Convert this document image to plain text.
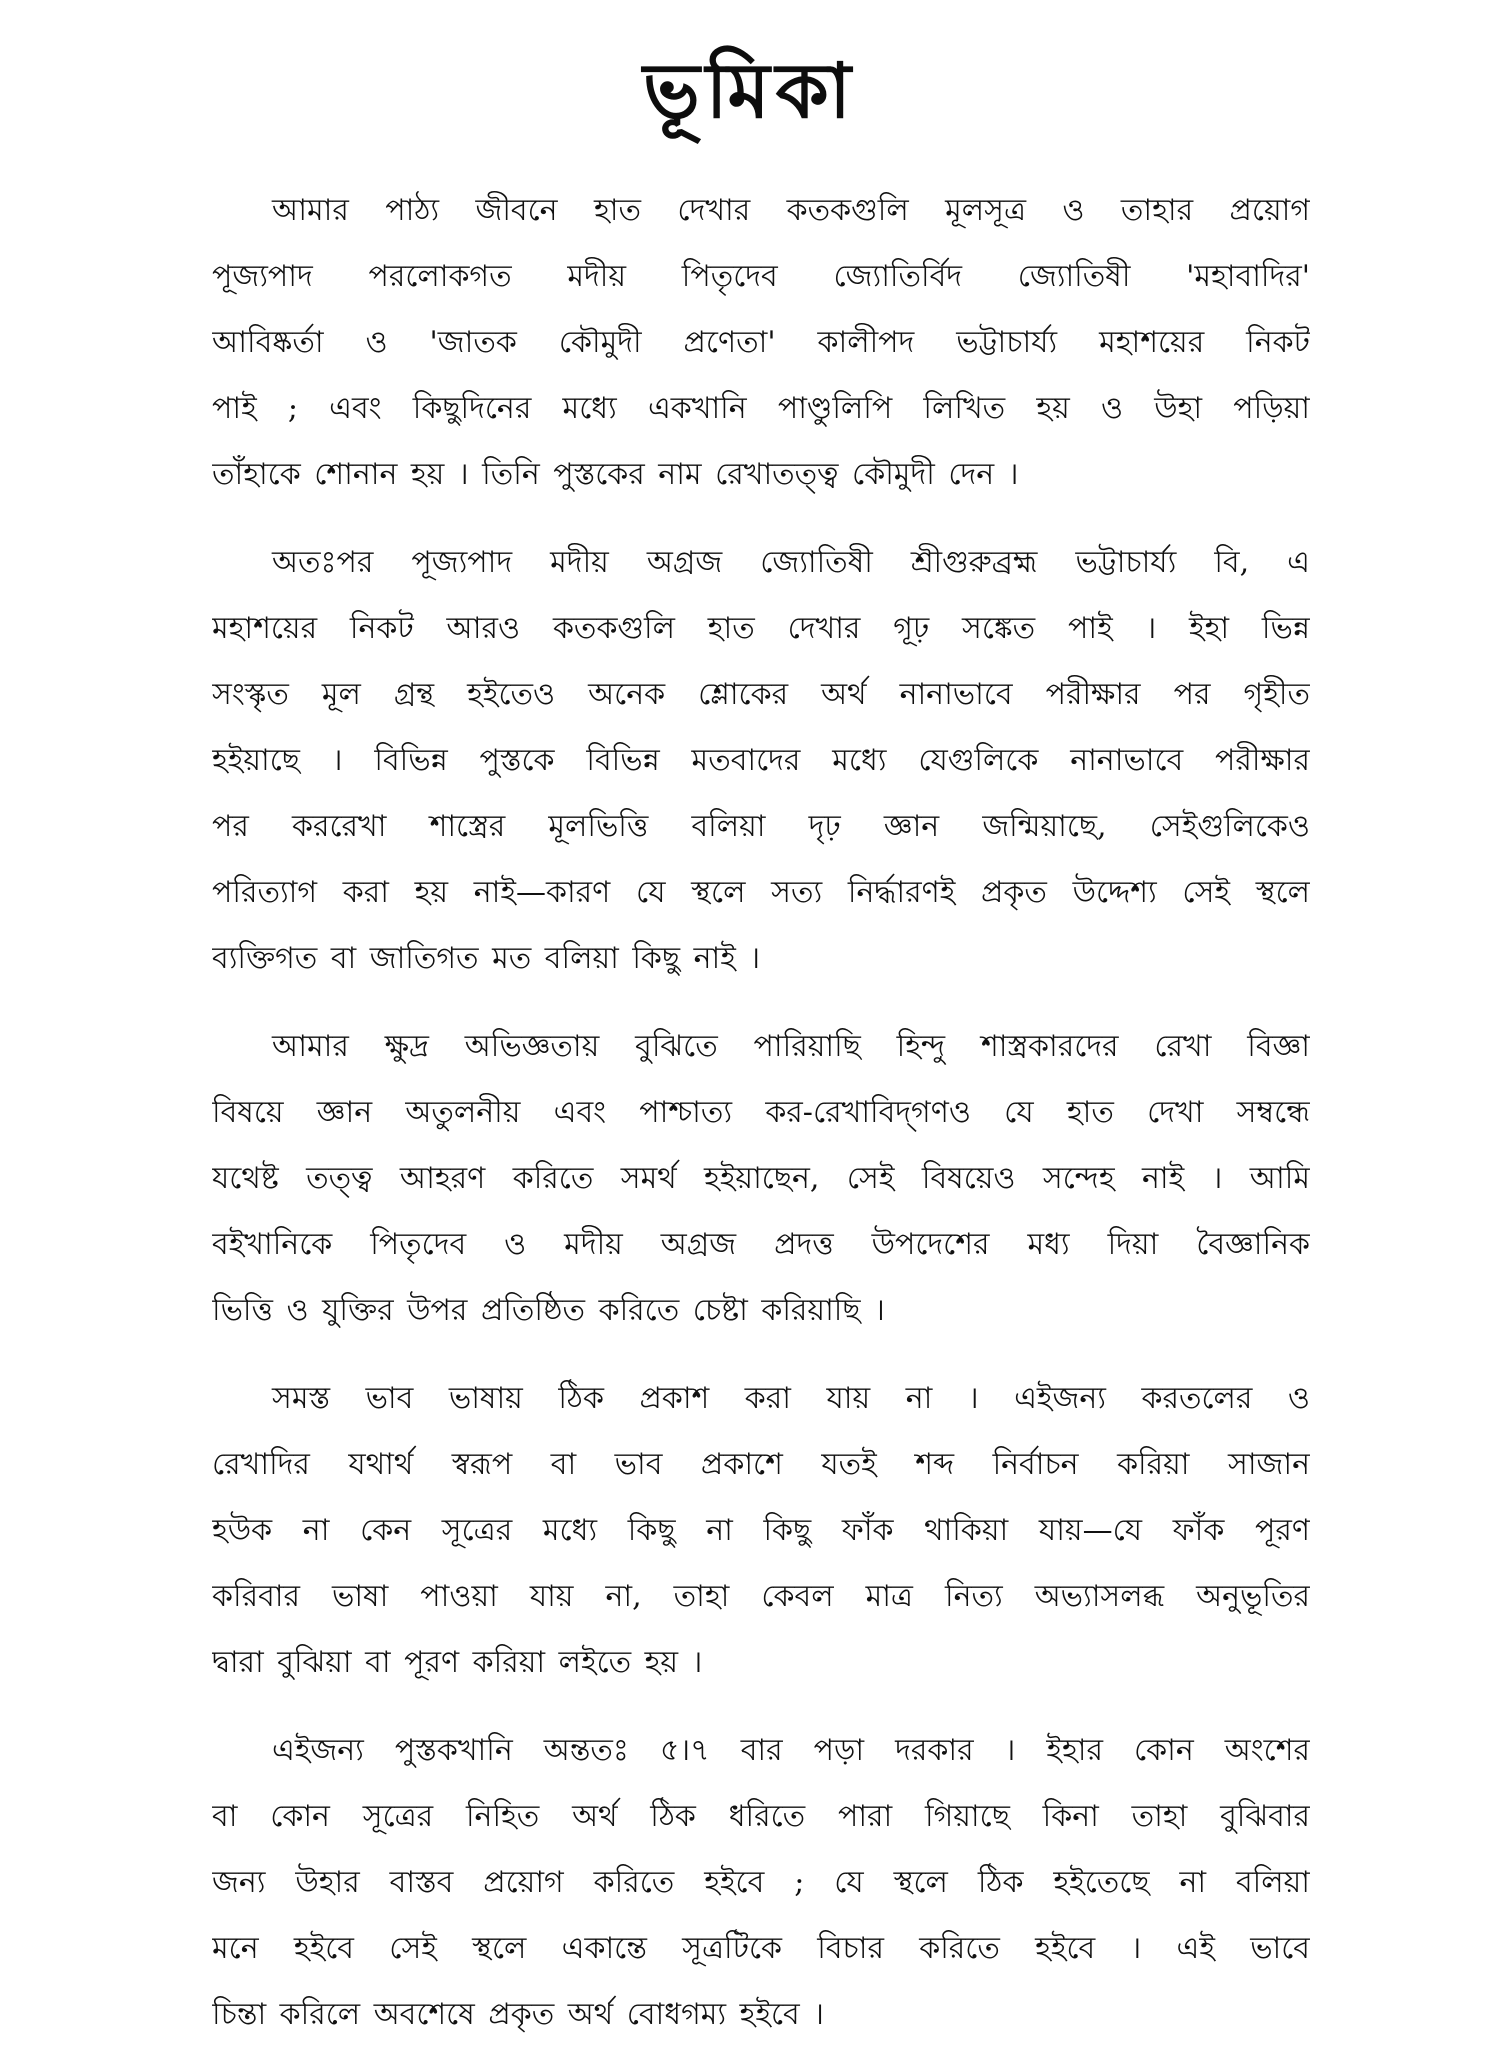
ভূমিকা
আমার পাঠ্য জীবনে হাত দেখার কতকগুলি মূলসূত্র ও তাহার প্রয়োগ
পূজ্যপাদ পরলোকগত মদীয় পিতৃদেব জ্যোতির্বিদ জ্যোতিষী 'মহাবাদির'
আবিষ্কর্তা ও 'জাতক কৌমুদী প্রণেতা' কালীপদ ভট্টাচার্য্য মহাশয়ের নিকট
পাই ; এবং কিছুদিনের মধ্যে একখানি পাণ্ডুলিপি লিখিত হয় ও উহা পড়িয়া
তাঁহাকে শোনান হয় । তিনি পুস্তকের নাম রেখাতত্ত্ব কৌমুদী দেন ।
অতঃপর পূজ্যপাদ মদীয় অগ্রজ জ্যোতিষী শ্রীগুরুব্রহ্ম ভট্টাচার্য্য বি, এ
মহাশয়ের নিকট আরও কতকগুলি হাত দেখার গূঢ় সঙ্কেত পাই । ইহা ভিন্ন
সংস্কৃত মূল গ্রন্থ হইতেও অনেক শ্লোকের অর্থ নানাভাবে পরীক্ষার পর গৃহীত
হইয়াছে । বিভিন্ন পুস্তকে বিভিন্ন মতবাদের মধ্যে যেগুলিকে নানাভাবে পরীক্ষার
পর কররেখা শাস্ত্রের মূলভিত্তি বলিয়া দৃঢ় জ্ঞান জন্মিয়াছে, সেইগুলিকেও
পরিত্যাগ করা হয় নাই—কারণ যে স্থলে সত্য নির্দ্ধারণই প্রকৃত উদ্দেশ্য সেই স্থলে
ব্যক্তিগত বা জাতিগত মত বলিয়া কিছু নাই ।
আমার ক্ষুদ্র অভিজ্ঞতায় বুঝিতে পারিয়াছি হিন্দু শাস্ত্রকারদের রেখা বিজ্ঞা
বিষয়ে জ্ঞান অতুলনীয় এবং পাশ্চাত্য কর-রেখাবিদ্‌গণও যে হাত দেখা সম্বন্ধে
যথেষ্ট তত্ত্ব আহরণ করিতে সমর্থ হইয়াছেন, সেই বিষয়েও সন্দেহ নাই । আমি
বইখানিকে পিতৃদেব ও মদীয় অগ্রজ প্রদত্ত উপদেশের মধ্য দিয়া বৈজ্ঞানিক
ভিত্তি ও যুক্তির উপর প্রতিষ্ঠিত করিতে চেষ্টা করিয়াছি ।
সমস্ত ভাব ভাষায় ঠিক প্রকাশ করা যায় না । এইজন্য করতলের ও
রেখাদির যথার্থ স্বরূপ বা ভাব প্রকাশে যতই শব্দ নির্বাচন করিয়া সাজান
হউক না কেন সূত্রের মধ্যে কিছু না কিছু ফাঁক থাকিয়া যায়—যে ফাঁক পূরণ
করিবার ভাষা পাওয়া যায় না, তাহা কেবল মাত্র নিত্য অভ্যাসলব্ধ অনুভূতির
দ্বারা বুঝিয়া বা পূরণ করিয়া লইতে হয় ।
এইজন্য পুস্তকখানি অন্ততঃ ৫।৭ বার পড়া দরকার । ইহার কোন অংশের
বা কোন সূত্রের নিহিত অর্থ ঠিক ধরিতে পারা গিয়াছে কিনা তাহা বুঝিবার
জন্য উহার বাস্তব প্রয়োগ করিতে হইবে ; যে স্থলে ঠিক হইতেছে না বলিয়া
মনে হইবে সেই স্থলে একান্তে সূত্রটিকে বিচার করিতে হইবে । এই ভাবে
চিন্তা করিলে অবশেষে প্রকৃত অর্থ বোধগম্য হইবে ।
